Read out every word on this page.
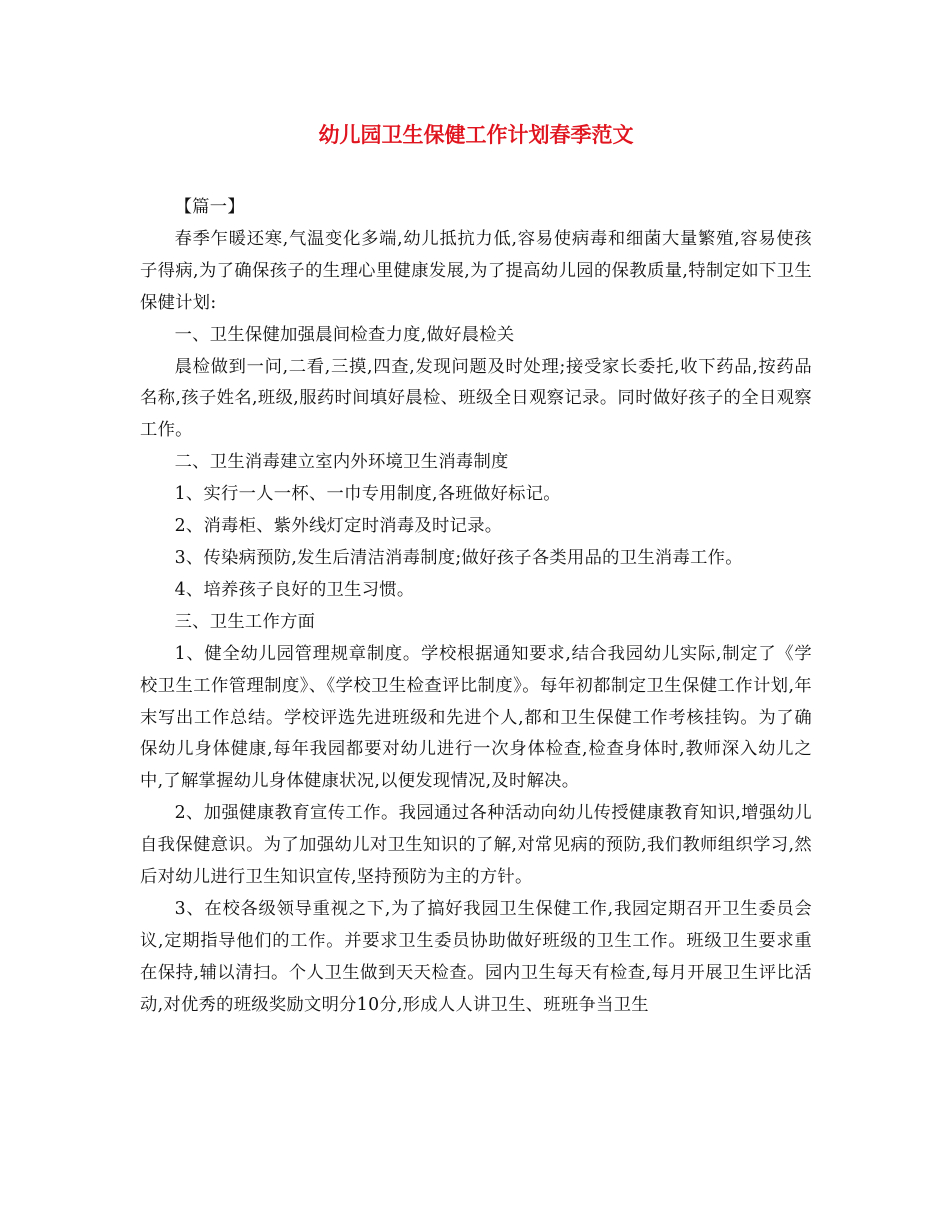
幼儿园卫生保健工作计划春季范文

【篇一】

春季乍暖还寒,气温变化多端,幼儿抵抗力低,容易使病毒和细菌大量繁殖,容易使孩子得病,为了确保孩子的生理心里健康发展,为了提高幼儿园的保教质量,特制定如下卫生保健计划:

一、卫生保健加强晨间检查力度,做好晨检关

晨检做到一问,二看,三摸,四查,发现问题及时处理;接受家长委托,收下药品,按药品名称,孩子姓名,班级,服药时间填好晨检、班级全日观察记录。同时做好孩子的全日观察工作。

二、卫生消毒建立室内外环境卫生消毒制度

1、实行一人一杯、一巾专用制度,各班做好标记。

2、消毒柜、紫外线灯定时消毒及时记录。

3、传染病预防,发生后清洁消毒制度;做好孩子各类用品的卫生消毒工作。

4、培养孩子良好的卫生习惯。

三、卫生工作方面

1、健全幼儿园管理规章制度。学校根据通知要求,结合我园幼儿实际,制定了《学校卫生工作管理制度》、《学校卫生检查评比制度》。每年初都制定卫生保健工作计划,年末写出工作总结。学校评选先进班级和先进个人,都和卫生保健工作考核挂钩。为了确保幼儿身体健康,每年我园都要对幼儿进行一次身体检查,检查身体时,教师深入幼儿之中,了解掌握幼儿身体健康状况,以便发现情况,及时解决。

2、加强健康教育宣传工作。我园通过各种活动向幼儿传授健康教育知识,增强幼儿自我保健意识。为了加强幼儿对卫生知识的了解,对常见病的预防,我们教师组织学习,然后对幼儿进行卫生知识宣传,坚持预防为主的方针。

3、在校各级领导重视之下,为了搞好我园卫生保健工作,我园定期召开卫生委员会议,定期指导他们的工作。并要求卫生委员协助做好班级的卫生工作。班级卫生要求重在保持,辅以清扫。个人卫生做到天天检查。园内卫生每天有检查,每月开展卫生评比活动,对优秀的班级奖励文明分10分,形成人人讲卫生、班班争当卫生
